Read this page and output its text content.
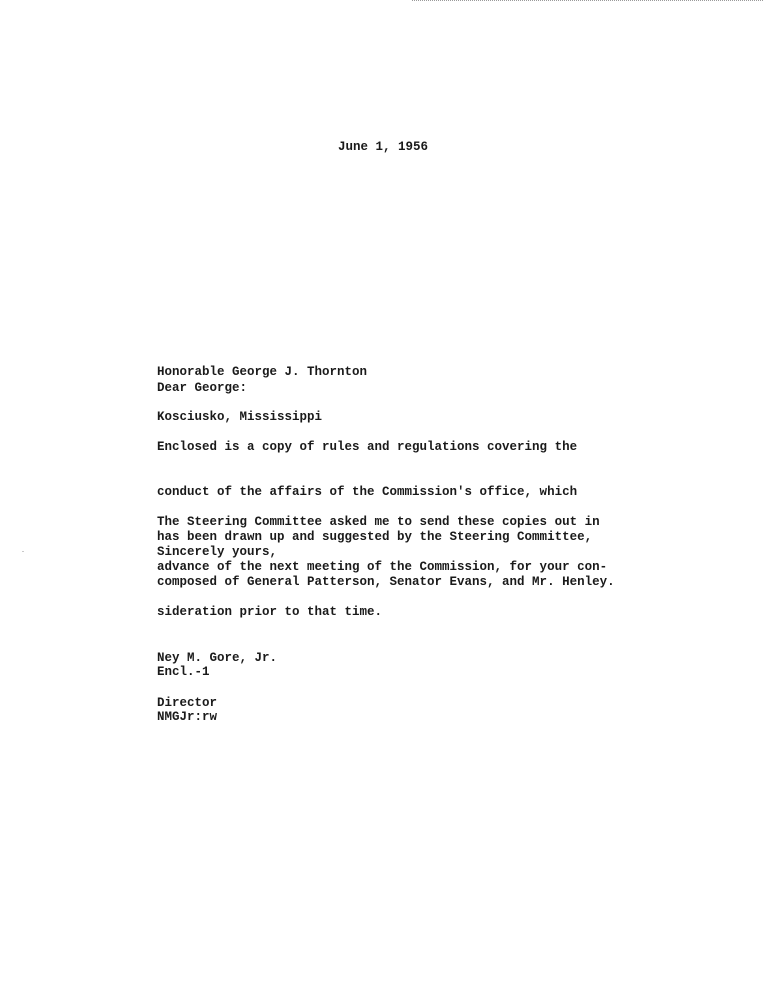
June 1, 1956

Honorable George J. Thornton

Kosciusko, Mississippi

Dear George:

Enclosed is a copy of rules and regulations covering the

conduct of the affairs of the Commission's office, which

has been drawn up and suggested by the Steering Committee,

composed of General Patterson, Senator Evans, and Mr. Henley.

The Steering Committee asked me to send these copies out in

advance of the next meeting of the Commission, for your con-

sideration prior to that time.

Sincerely yours,

Ney M. Gore, Jr.

Director

Encl.-1
NMGJr:rw
